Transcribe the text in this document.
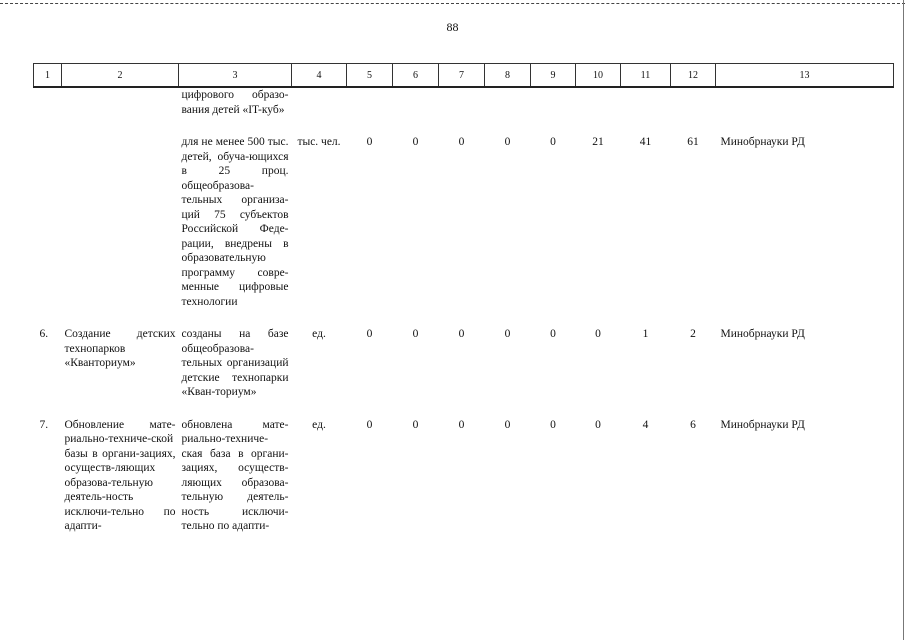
88
1	2	3	4	5	6	7	8	9	10	11	12	13
		цифрового образо-вания детей «IT-куб»										

		для не менее 500 тыс. детей, обуча-ющихся в 25 проц. общеобразова-тельных организа-ций 75 субъектов Российской Феде-рации, внедрены в образовательную программу совре-менные цифровые технологии	тыс. чел.	0	0	0	0	0	21	41	61	Минобрнауки РД

6.	Создание детских технопарков «Кванториум»	созданы на базе общеобразова-тельных организаций детские технопарки «Кван-ториум»	ед.	0	0	0	0	0	0	1	2	Минобрнауки РД

7.	Обновление мате-риально-техниче-ской базы в органи-зациях, осуществ-ляющих образова-тельную деятель-ность исключи-тельно по адапти-	обновлена мате-риально-техниче-ская база в органи-зациях, осуществ-ляющих образова-тельную деятель-ность исключи-тельно по адапти-	ед.	0	0	0	0	0	0	4	6	Минобрнауки РД
